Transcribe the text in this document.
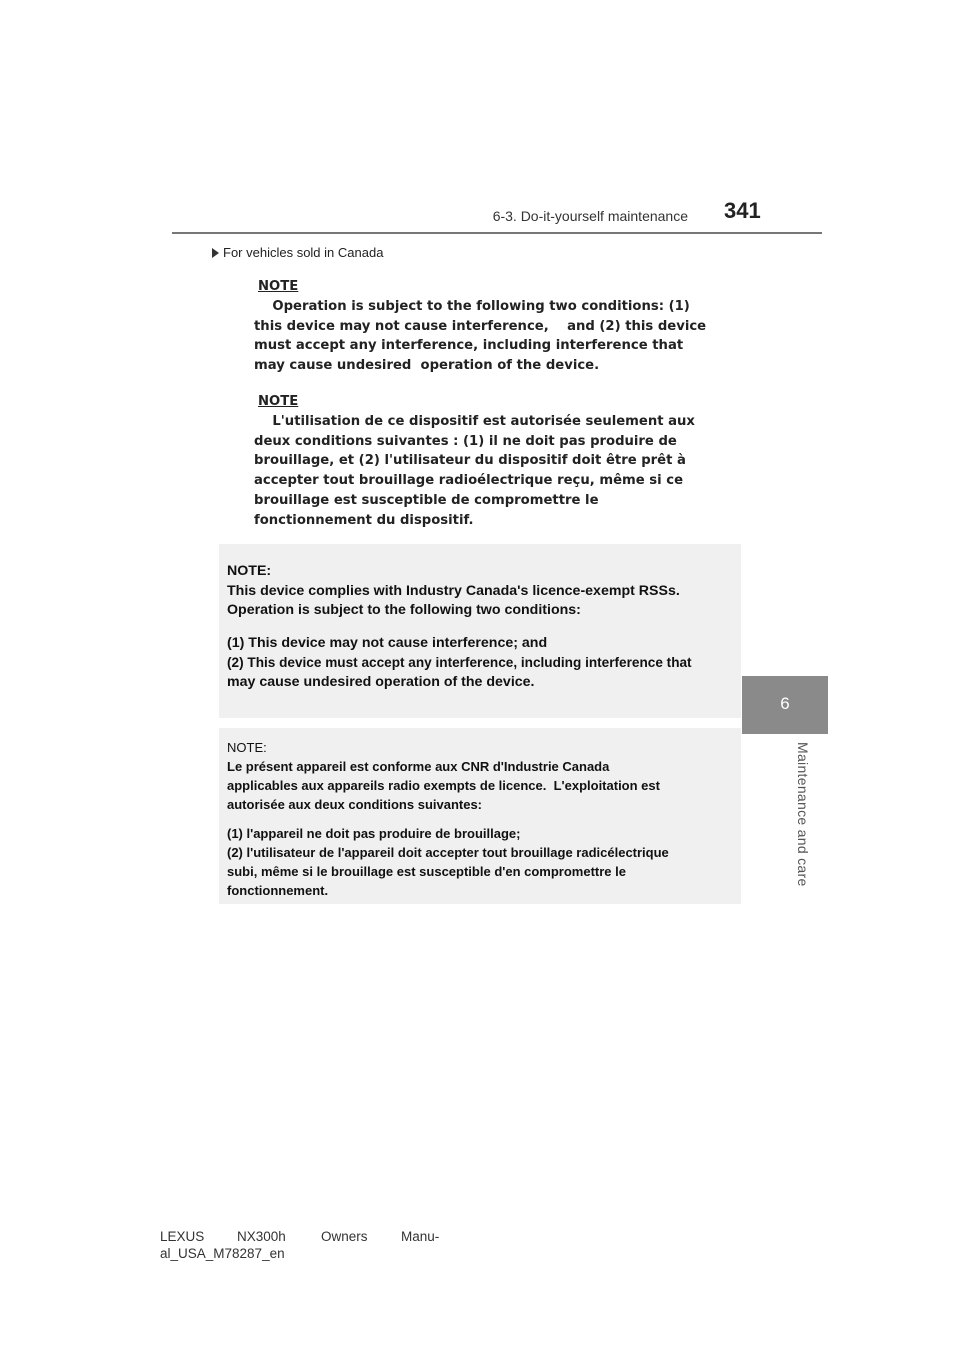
6-3. Do-it-yourself maintenance 341
6
Maintenance and care
For vehicles sold in Canada
NOTE
Operation is subject to the following two conditions: (1)
this device may not cause interference,    and (2) this device
must accept any interference, including interference that
may cause undesired  operation of the device.
NOTE
L'utilisation de ce dispositif est autorisée seulement aux
deux conditions suivantes : (1) il ne doit pas produire de
brouillage, et (2) l'utilisateur du dispositif doit être prêt à
accepter tout brouillage radioélectrique reçu, même si ce
brouillage est susceptible de compromettre le
fonctionnement du dispositif.
NOTE:
This device complies with Industry Canada's licence-exempt RSSs.
Operation is subject to the following two conditions:
(1) This device may not cause interference; and
(2) This device must accept any interference, including interference that
may cause undesired operation of the device.
NOTE:
Le présent appareil est conforme aux CNR d'Industrie Canada
applicables aux appareils radio exempts de licence.  L'exploitation est
autorisée aux deux conditions suivantes:
(1) l'appareil ne doit pas produire de brouillage;
(2) l'utilisateur de l'appareil doit accepter tout brouillage radicélectrique
subi, même si le brouillage est susceptible d'en compromettre le
fonctionnement.
LEXUS	NX300h	Owners	Manu-
al_USA_M78287_en
